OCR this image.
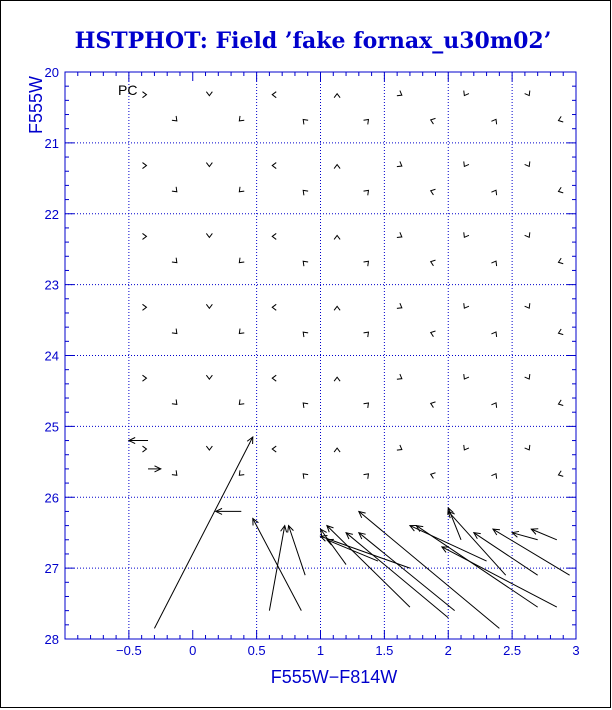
−0.5	0	0.5	1	1.5	2	2.5	3
20
21
22
23
24
25
26
27
28
HSTPHOT: Field ’fake fornax_u30m02’
F555W−F814W
F555W	PC
